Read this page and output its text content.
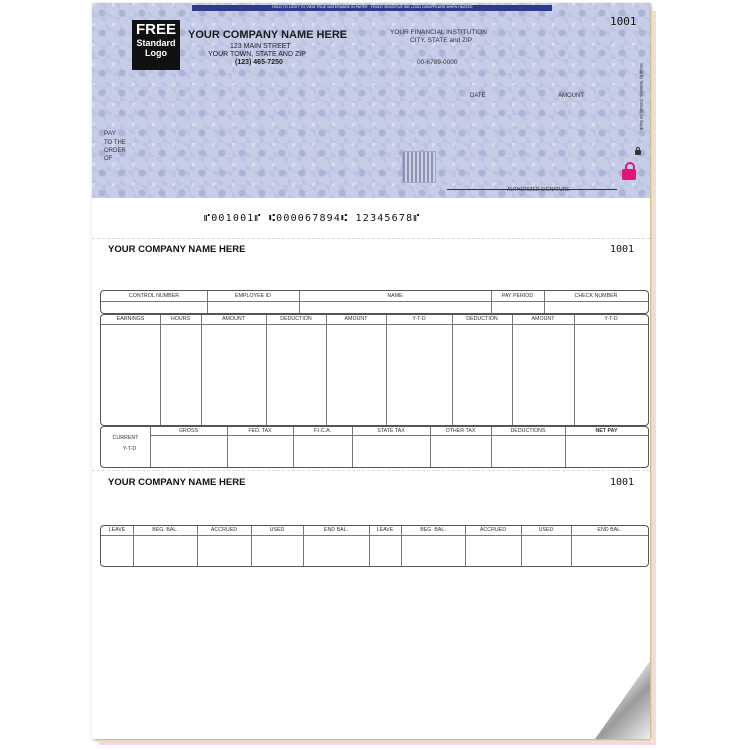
HOLD TO LIGHT TO VIEW TRUE WATERMARK IN PAPER · FRONT SENSITIVE INK LOGO DISAPPEARS WHEN HEATED
1001
FREE
Standard
Logo
YOUR COMPANY NAME HERE
123 MAIN STREET
YOUR TOWN, STATE AND ZIP
(123) 465-7250
YOUR FINANCIAL INSTITUTION
CITY, STATE and ZIP
00-6789-0000
DATE	AMOUNT
PAY
TO THE
ORDER
OF
AUTHORIZED SIGNATURE
Security features. Details on back.
⑈001001⑈ ⑆000067894⑆ 12345678⑈
YOUR COMPANY NAME HERE	1001
CONTROL NUMBER	EMPLOYEE ID	NAME	PAY PERIOD	CHECK NUMBER
EARNINGS	HOURS	AMOUNT	DEDUCTION	AMOUNT	Y-T-D	DEDUCTION	AMOUNT	Y-T-D
CURRENT
Y-T-D
GROSS	FED. TAX	F.I.C.A.	STATE TAX	OTHER TAX	DEDUCTIONS	NET PAY
YOUR COMPANY NAME HERE	1001
LEAVE	BEG. BAL.	ACCRUED	USED	END BAL.	LEAVE	BEG. BAL.	ACCRUED	USED	END BAL.
